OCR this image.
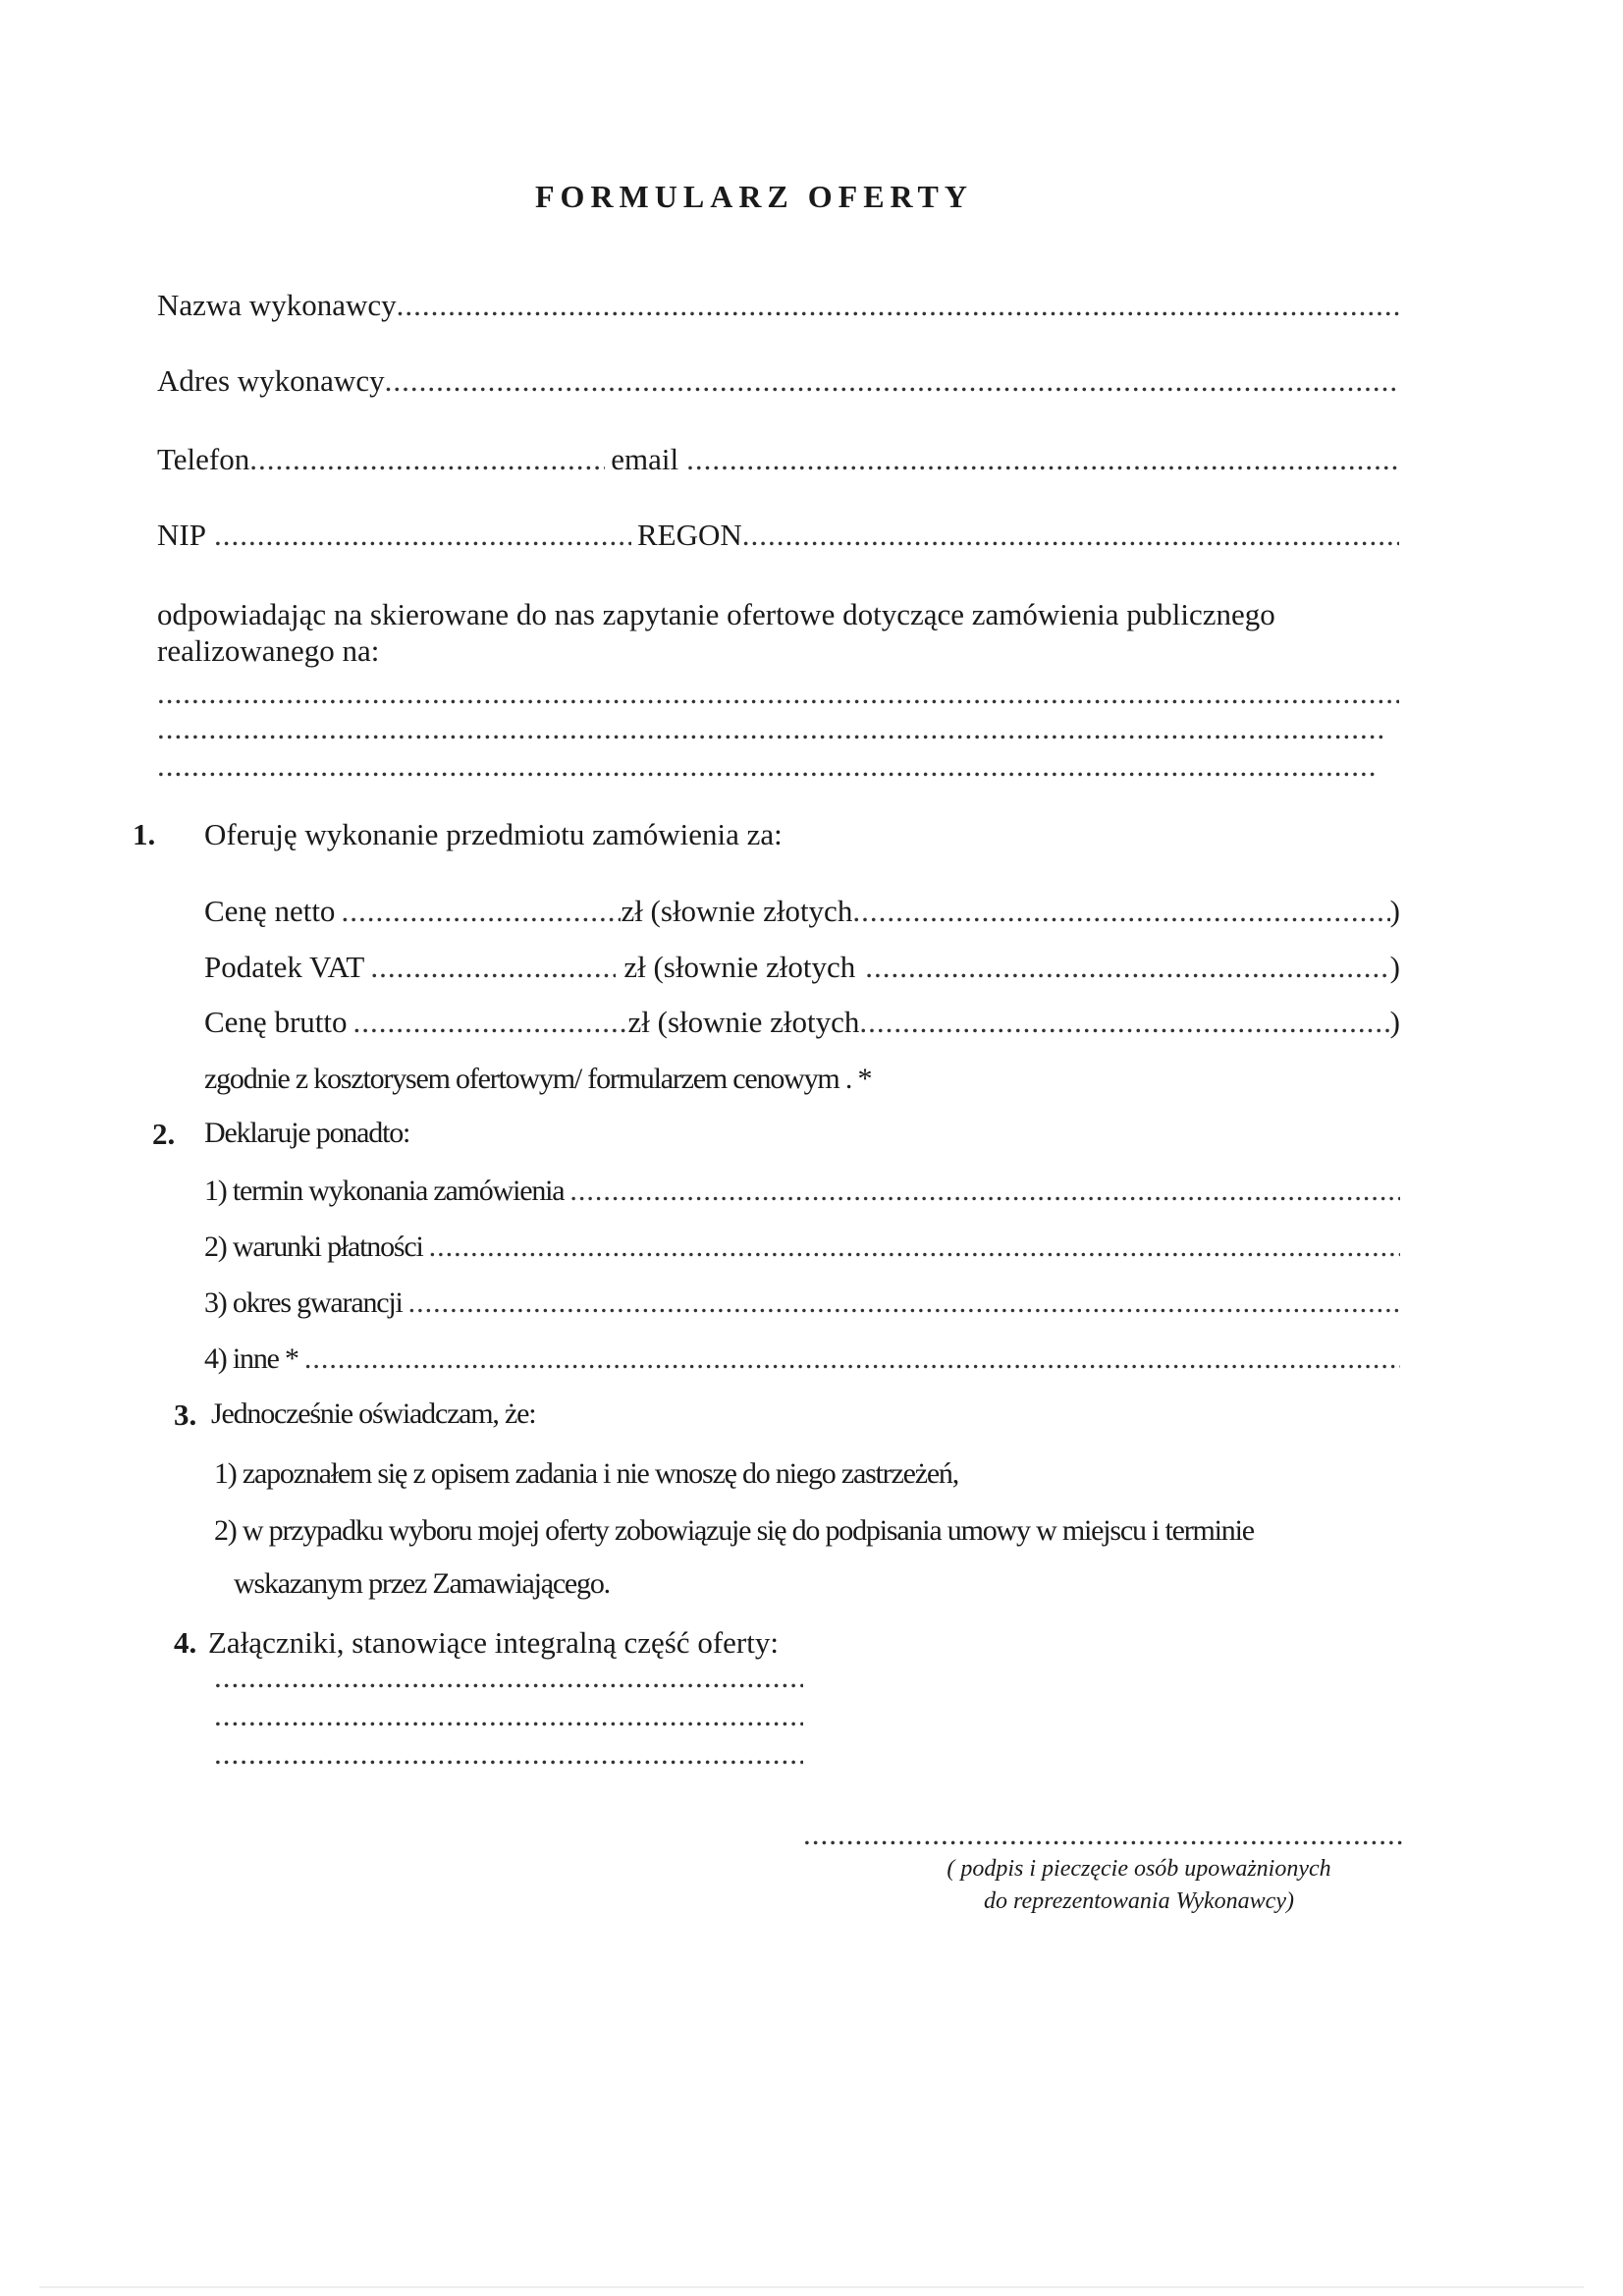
FORMULARZ OFERTY
Nazwa wykonawcy
.....
Adres wykonawcy
.....
Telefon .....	email
.....
NIP .....	REGON
.....
odpowiadając na skierowane do nas zapytanie ofertowe dotyczące zamówienia publicznego
realizowanego na:
.....
.....
.....
1. Oferuję wykonanie przedmiotu zamówienia za:
Cenę netto .....	zł (słownie złotych .....	)
Podatek VAT .....	zł (słownie złotych .....	)
Cenę brutto .....	zł (słownie złotych .....	)
zgodnie z kosztorysem ofertowym/ formularzem cenowym . *
2. Deklaruje ponadto:
1) termin wykonania zamówienia
.....
2) warunki płatności
.....
3) okres gwarancji
.....
4) inne *
.....
3. Jednocześnie oświadczam, że:
1) zapoznałem się z opisem zadania i nie wnoszę do niego zastrzeżeń,
2) w przypadku wyboru mojej oferty zobowiązuje się do podpisania umowy w miejscu i terminie
wskazanym przez Zamawiającego.
4. Załączniki, stanowiące integralną część oferty:
.....
.....
.....
.....
( podpis i pieczęcie osób upoważnionych
do reprezentowania Wykonawcy)
